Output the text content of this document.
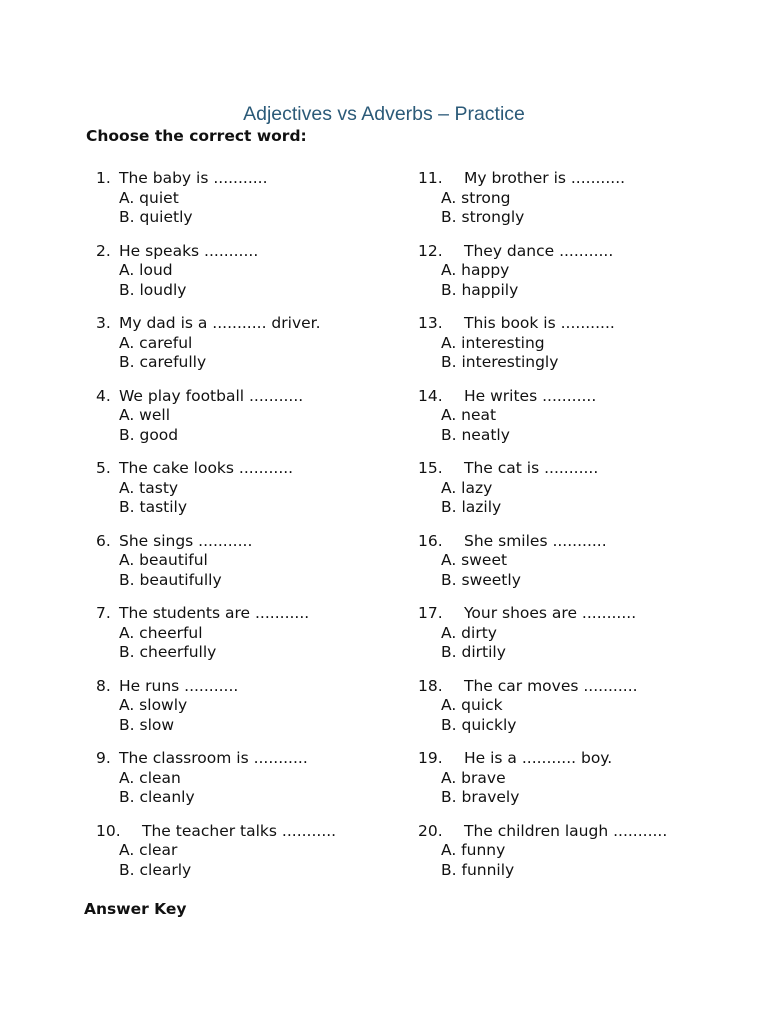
Adjectives vs Adverbs – Practice
Choose the correct word:
1. The baby is ...........
A. quiet
B. quietly
2. He speaks ...........
A. loud
B. loudly
3. My dad is a ........... driver.
A. careful
B. carefully
4. We play football ...........
A. well
B. good
5. The cake looks ...........
A. tasty
B. tastily
6. She sings ...........
A. beautiful
B. beautifully
7. The students are ...........
A. cheerful
B. cheerfully
8. He runs ...........
A. slowly
B. slow
9. The classroom is ...........
A. clean
B. cleanly
10.	The teacher talks ...........
A. clear
B. clearly
11.	My brother is ...........
A. strong
B. strongly
12.	They dance ...........
A. happy
B. happily
13.	This book is ...........
A. interesting
B. interestingly
14.	He writes ...........
A. neat
B. neatly
15.	The cat is ...........
A. lazy
B. lazily
16.	She smiles ...........
A. sweet
B. sweetly
17.	Your shoes are ...........
A. dirty
B. dirtily
18.	The car moves ...........
A. quick
B. quickly
19.	He is a ........... boy.
A. brave
B. bravely
20.	The children laugh ...........
A. funny
B. funnily
Answer Key
